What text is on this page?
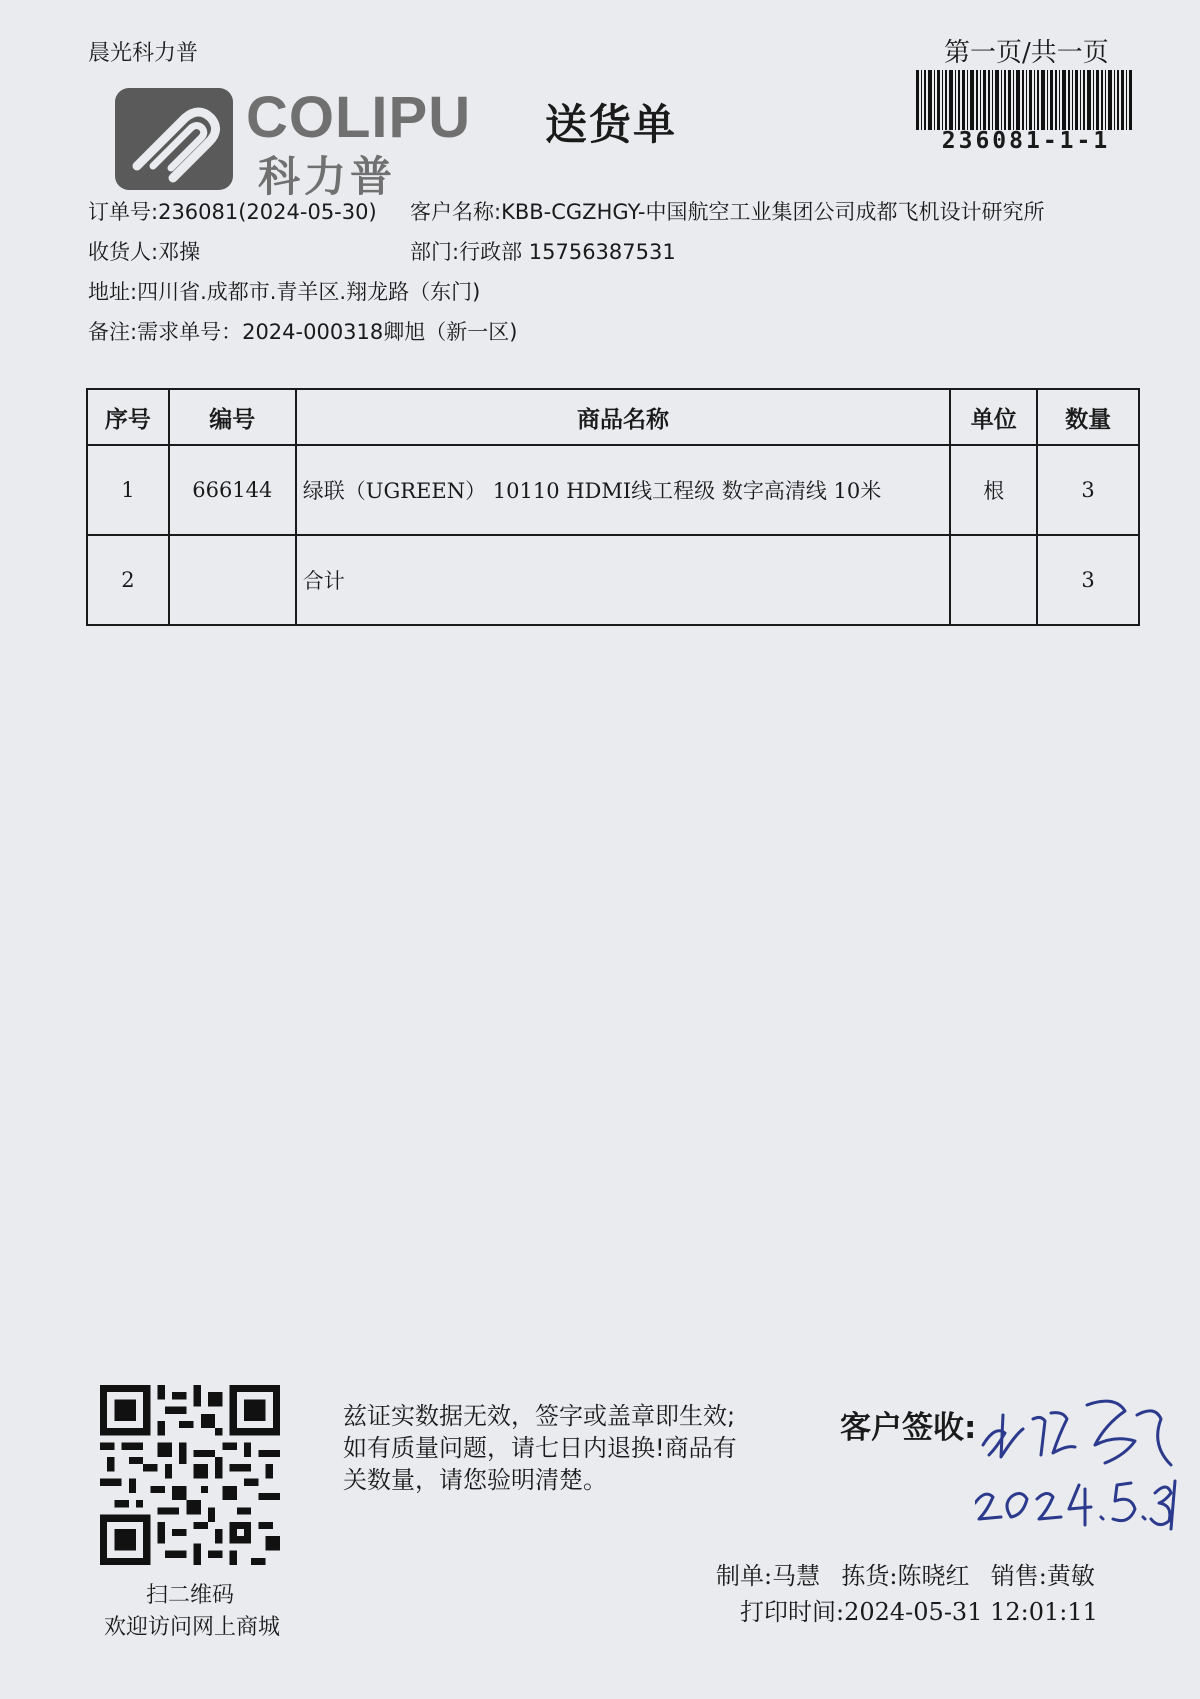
晨光科力普	第一页/共一页
236081-1-1
COLIPU
科力普
送货单
订单号:236081(2024-05-30) 客户名称:KBB-CGZHGY-中国航空工业集团公司成都飞机设计研究所
收货人:邓操	部门:行政部 15756387531
地址:四川省.成都市.青羊区.翔龙路（东门)
备注:需求单号：2024-000318卿旭（新一区)
序号	编号	商品名称	单位	数量
1	666144	绿联（UGREEN） 10110 HDMI线工程级 数字高清线 10米	根	3
2		合计		3
扫二维码
欢迎访问网上商城
兹证实数据无效，签字或盖章即生效;
如有质量问题，请七日内退换!商品有
关数量，请您验明清楚。
客户签收:
制单:马慧 拣货:陈晓红 销售:黄敏
打印时间:2024-05-31 12:01:11
